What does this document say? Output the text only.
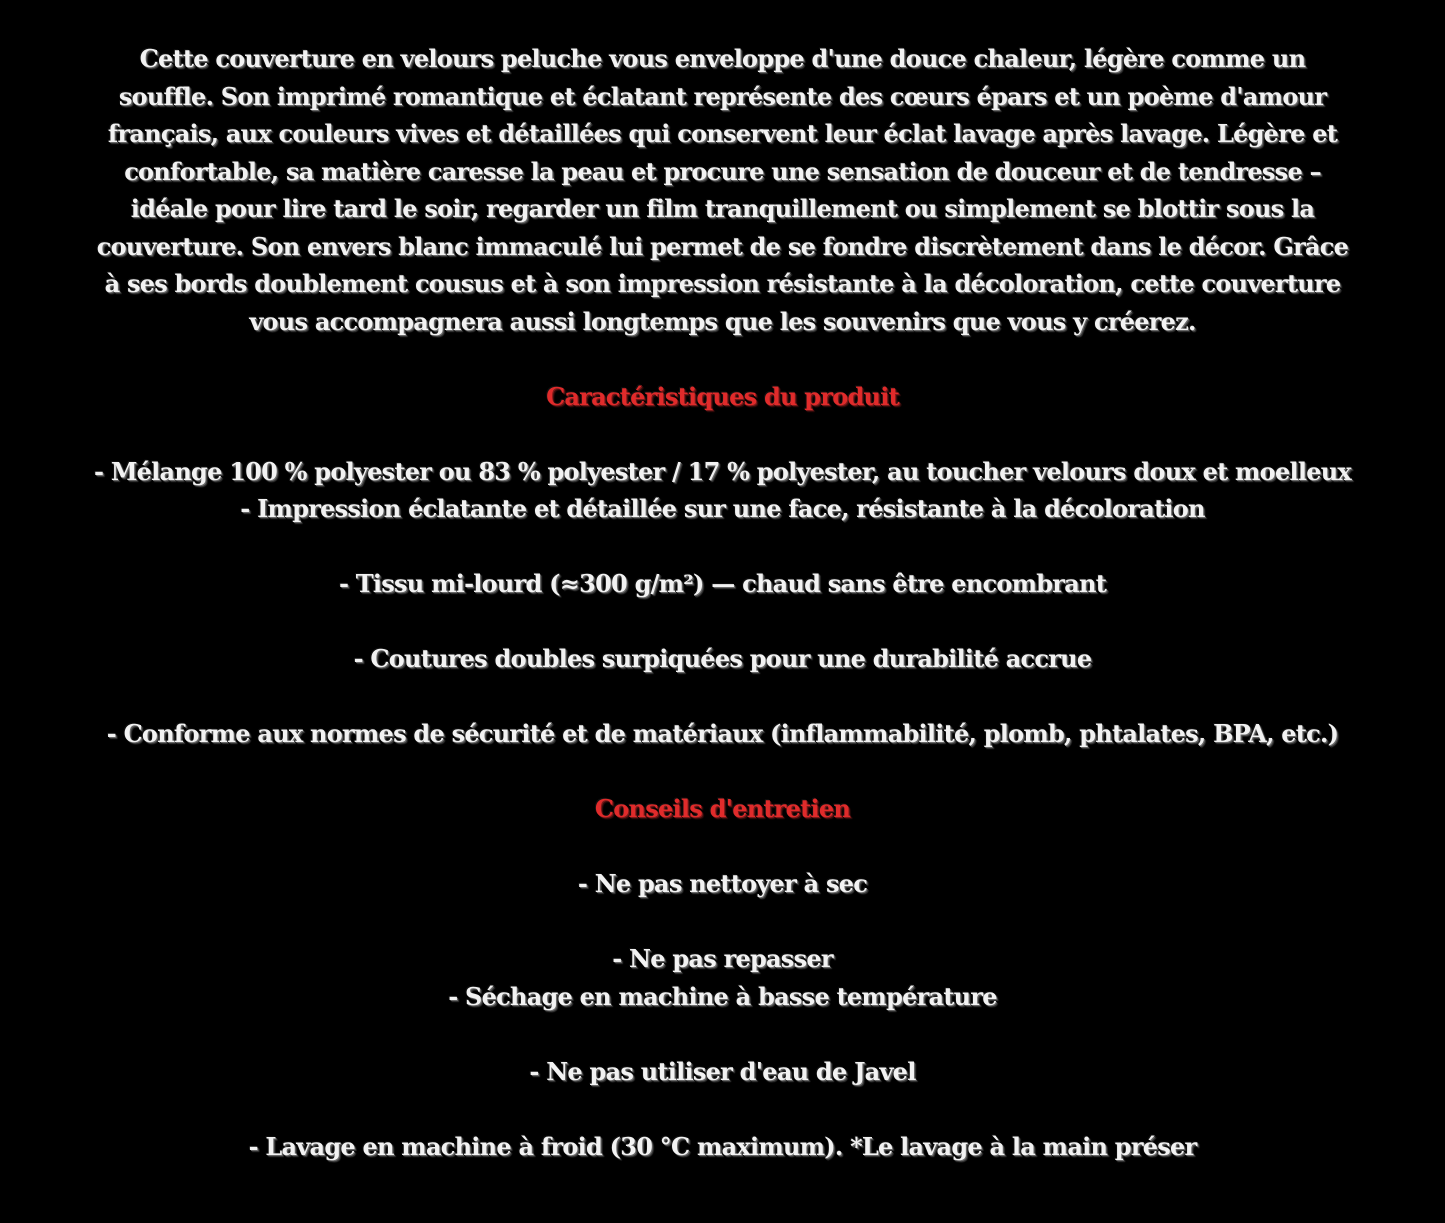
Cette couverture en velours peluche vous enveloppe d'une douce chaleur, légère comme un
souffle. Son imprimé romantique et éclatant représente des cœurs épars et un poème d'amour
français, aux couleurs vives et détaillées qui conservent leur éclat lavage après lavage. Légère et
confortable, sa matière caresse la peau et procure une sensation de douceur et de tendresse –
idéale pour lire tard le soir, regarder un film tranquillement ou simplement se blottir sous la
couverture. Son envers blanc immaculé lui permet de se fondre discrètement dans le décor. Grâce
à ses bords doublement cousus et à son impression résistante à la décoloration, cette couverture
vous accompagnera aussi longtemps que les souvenirs que vous y créerez.
Caractéristiques du produit
- Mélange 100 % polyester ou 83 % polyester / 17 % polyester, au toucher velours doux et moelleux
- Impression éclatante et détaillée sur une face, résistante à la décoloration
- Tissu mi-lourd (≈300 g/m²) — chaud sans être encombrant
- Coutures doubles surpiquées pour une durabilité accrue
- Conforme aux normes de sécurité et de matériaux (inflammabilité, plomb, phtalates, BPA, etc.)
Conseils d'entretien
- Ne pas nettoyer à sec
- Ne pas repasser
- Séchage en machine à basse température
- Ne pas utiliser d'eau de Javel
- Lavage en machine à froid (30 °C maximum). *Le lavage à la main préser
